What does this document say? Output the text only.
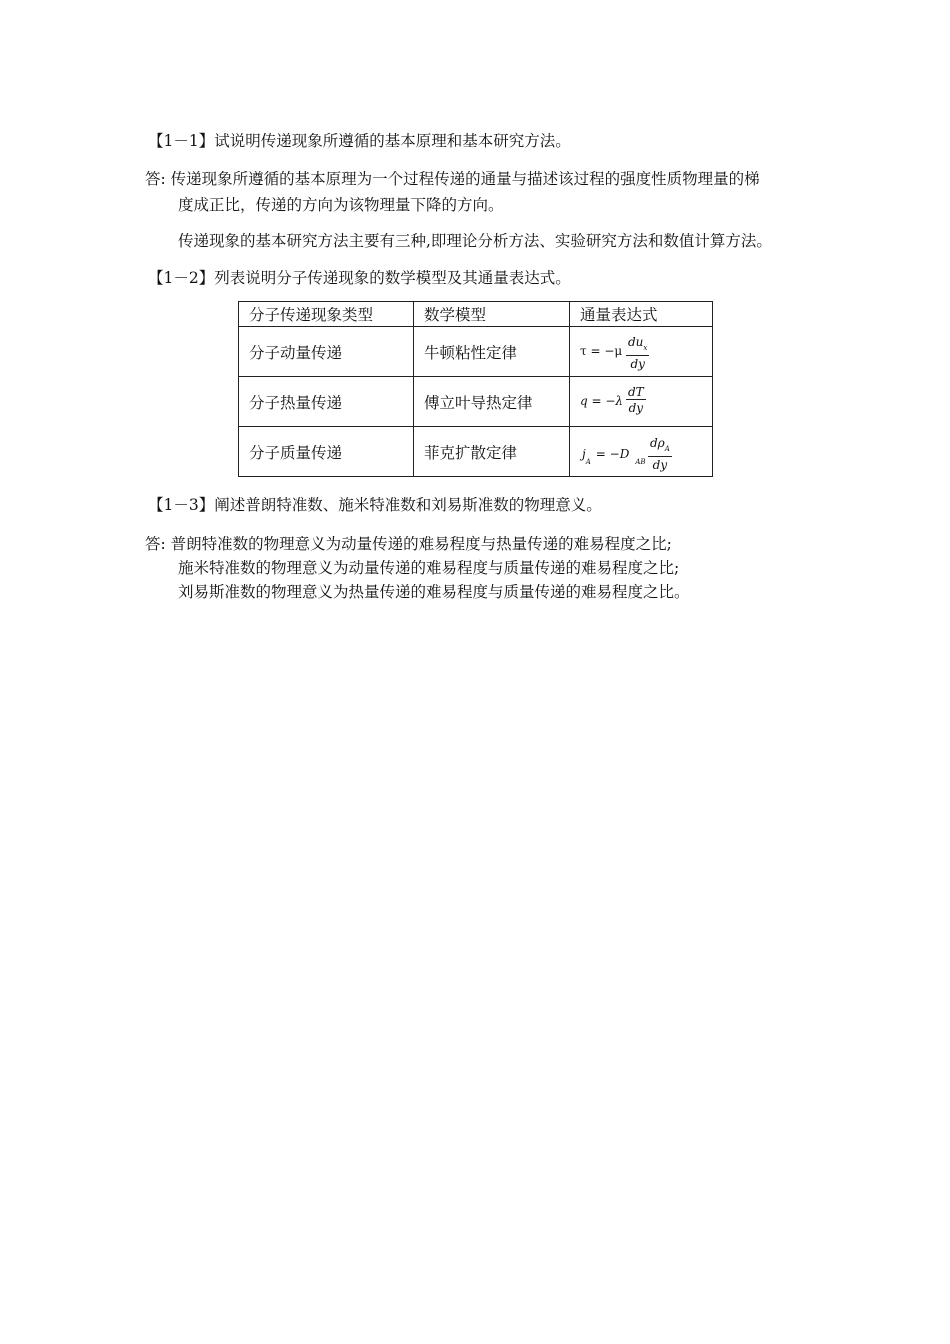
【1－1】试说明传递现象所遵循的基本原理和基本研究方法。
答: 传递现象所遵循的基本原理为一个过程传递的通量与描述该过程的强度性质物理量的梯
度成正比，传递的方向为该物理量下降的方向。
传递现象的基本研究方法主要有三种,即理论分析方法、实验研究方法和数值计算方法。
【1－2】列表说明分子传递现象的数学模型及其通量表达式。
分子传递现象类型	数学模型	通量表达式
分子动量传递	牛顿粘性定律	τ = −μ
$du_x$
dy

分子热量传递	傅立叶导热定律	$q = -\lambda \frac{dT}{dy}$

分子质量传递	菲克扩散定律	$j_A= -D_{AB}$
$d\rho_A$
dy
【1－3】阐述普朗特准数、施米特准数和刘易斯准数的物理意义。
答: 普朗特准数的物理意义为动量传递的难易程度与热量传递的难易程度之比;
施米特准数的物理意义为动量传递的难易程度与质量传递的难易程度之比;
刘易斯准数的物理意义为热量传递的难易程度与质量传递的难易程度之比。
